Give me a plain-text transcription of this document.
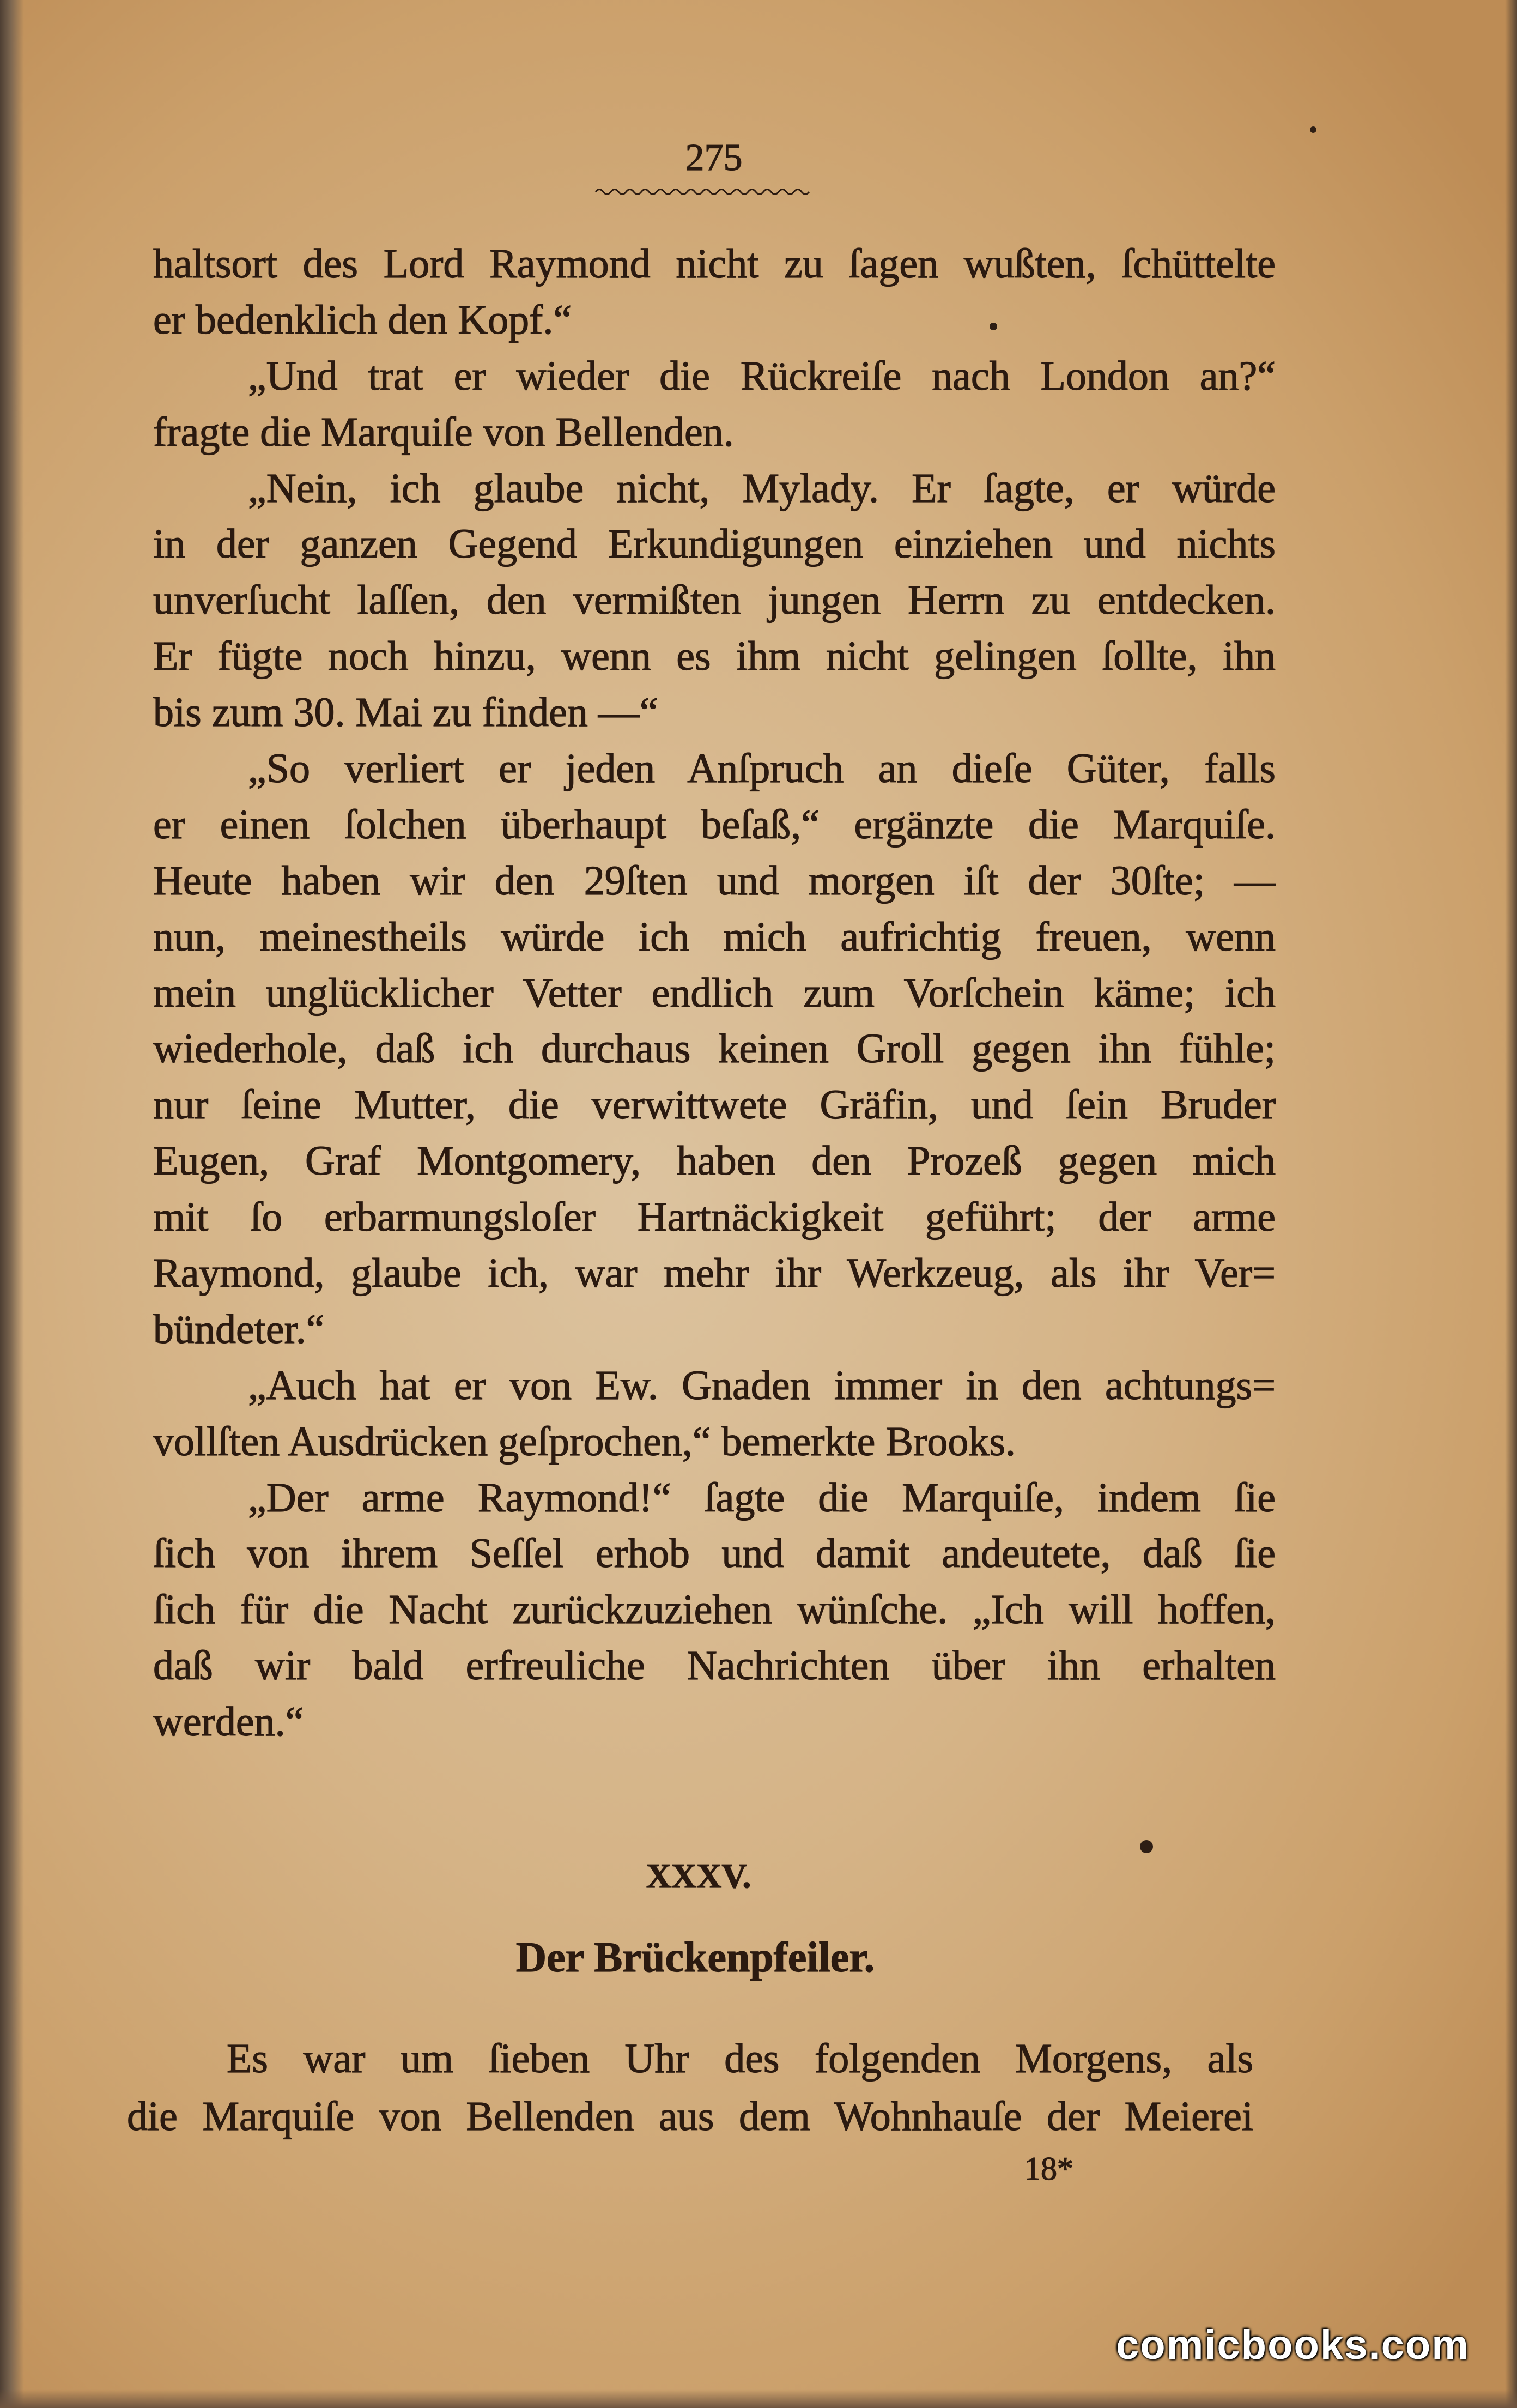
275
haltsort des Lord Raymond nicht zu ſagen wußten, ſchüttelte
er bedenklich den Kopf.“
„Und trat er wieder die Rückreiſe nach London an?“
fragte die Marquiſe von Bellenden.
„Nein, ich glaube nicht, Mylady. Er ſagte, er würde
in der ganzen Gegend Erkundigungen einziehen und nichts
unverſucht laſſen, den vermißten jungen Herrn zu entdecken.
Er fügte noch hinzu, wenn es ihm nicht gelingen ſollte, ihn
bis zum 30. Mai zu finden —“
„So verliert er jeden Anſpruch an dieſe Güter, falls
er einen ſolchen überhaupt beſaß,“ ergänzte die Marquiſe.
Heute haben wir den 29ſten und morgen iſt der 30ſte; —
nun, meinestheils würde ich mich aufrichtig freuen, wenn
mein unglücklicher Vetter endlich zum Vorſchein käme; ich
wiederhole, daß ich durchaus keinen Groll gegen ihn fühle;
nur ſeine Mutter, die verwittwete Gräfin, und ſein Bruder
Eugen, Graf Montgomery, haben den Prozeß gegen mich
mit ſo erbarmungsloſer Hartnäckigkeit geführt; der arme
Raymond, glaube ich, war mehr ihr Werkzeug, als ihr Ver=
bündeter.“
„Auch hat er von Ew. Gnaden immer in den achtungs=
vollſten Ausdrücken geſprochen,“ bemerkte Brooks.
„Der arme Raymond!“ ſagte die Marquiſe, indem ſie
ſich von ihrem Seſſel erhob und damit andeutete, daß ſie
ſich für die Nacht zurückzuziehen wünſche. „Ich will hoffen,
daß wir bald erfreuliche Nachrichten über ihn erhalten
werden.“
XXXV.
Der Brückenpfeiler.
Es war um ſieben Uhr des folgenden Morgens, als
die Marquiſe von Bellenden aus dem Wohnhauſe der Meierei
18*
comicbooks.com
